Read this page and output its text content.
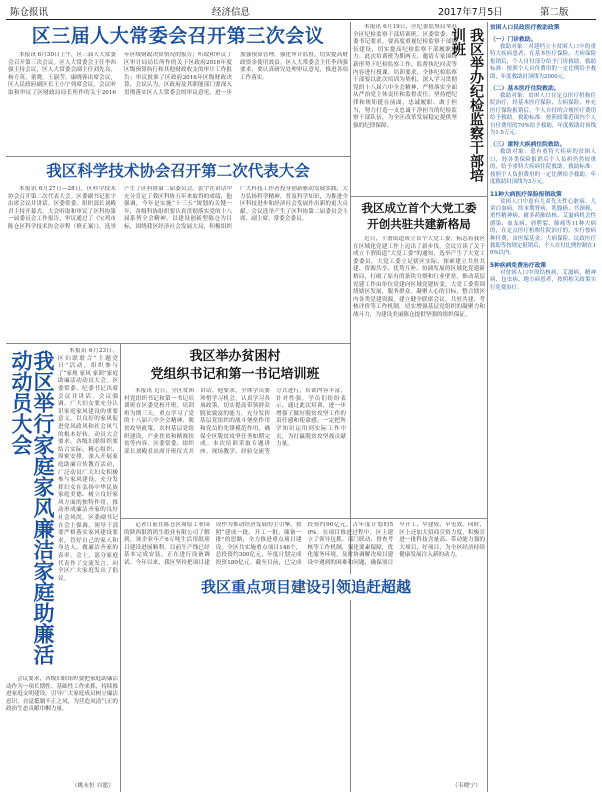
陈仓报讯	经济信息	2017年7月5日	第二版
区三届人大常委会召开第三次会议

本报讯 6月30日上午，区三届人大常委会召开第三次会议。区人大常委会主任李西强主持会议，区人大常委会副主任刘先良、杨方英、董晓、王淑莹、康晓蓉出席会议，区人民政府副区长王小宁列席会议。会议听取和审议了区财政局局长所作的关于2016年区级财政决算情况的报告；听取和审议了区审计局局长所作的关于区政府2016年度区级预算执行和其他财政收支的审计工作报告；审议批准了区政府2016年区级财政决算，会议认为，区政府及其职能部门要深入贯彻落实区人大常委会的审议意见，进一步加强预算管理，强化审计监督，切实提高财政资金使用效益。区人大常委会主任李西强要求，要认真研究处理审议意见，推进各项工作落实。

我区科学技术协会召开第二次代表大会

本报讯 6月27日—28日，区科学技术协会召开第二次代表大会。区委副书记张宇出席会议并讲话。区委常委、组织部长刘殿君主持开幕式。大会听取和审议了区科协第一届委员会工作报告，审议通过了《宝鸡市陈仓区科学技术协会章程（修正案）》，选举产生了区科协第二届委员会。张宇在讲话中充分肯定了我区科协五年来取得的成绩，他强调，今年是实施“十三五”规划的关键一年，各级科协组织要认真贯彻落实党的十八届系列全会精神，以建设创新型陈仓为目标，围绕我区经济社会发展大局，积极组织广大科技工作者投身创新驱动发展实践，大力弘扬科学精神，普及科学知识，为推进全区科技进步和经济社会发展作出新的更大贡献。会议选举产生了区科协第二届委员会主席、副主席、常委会委员。

我区举行家庭家风廉洁家庭助廉活动动员大会	本报讯 6月23日，区妇联联合“主题党日”活动，组织参与了“家规 家风 家训”家庭助廉活动动员大会。区委常委、纪委书记出席会议并讲话。会议强调，广大妇女要充分认识家庭家风建设的重要意义，以良好的家风促进党风政风和社会风气的根本好转。动员大会要求，各级妇联组织要结合实际，精心组织、周密安排，深入开展家庭助廉宣传教育活动，广泛动员广大妇女积极参与家风建设，充分发挥妇女在弘扬中华民族家庭美德、树立良好家风方面的独特作用，推动形成廉洁齐家的良好社会风尚。区委副书记在会上强调，领导干部要严格落实家风建设要求，管好自己的家人和身边人，做廉洁齐家的表率。会上，部分家庭代表作了交流发言，向全区广大家庭发出了倡议。

会议要求，各级妇联组织要把家庭助廉活动作为一项长期性、基础性工作来抓，持续推进家庭文明建设，引导广大家庭成员树立廉洁意识，自觉抵制不正之风，为营造风清气正的政治生态贡献巾帼力量。

（姚永恒 自愿）
我区举办贫困村
党组织书记和第一书记培训班

本报讯 近日，全区贫困村党组织书记和第一书记培训班在区委党校开班。培训班为期三天，重点学习了党的十八届六中全会精神、脱贫攻坚政策、农村基层党组织建设、产业扶贫和精准扶贫等内容。区委常委、组织部长刘殿君出席开班仪式并讲话。他要求，全体学员要珍惜学习机会，认真学习各项政策，切实提高带领群众脱贫致富的能力，充分发挥基层党组织的战斗堡垒作用和党员的先锋模范作用，确保全区脱贫攻坚任务如期完成。本次培训采取专题讲座、现场教学、经验交流等方式进行，培训内容丰富，针对性强。学员们纷纷表示，通过此次培训，进一步增强了做好脱贫攻坚工作的责任感和使命感，一定把所学知识运用到实际工作中去，为打赢脱贫攻坚战贡献力量。

本报讯 6月19日，区纪委监察局举办全区纪检监察干部培训班。区委常委、纪委书记要求，要高度重视纪检监察干部队伍建设，切实提高纪检监察干部履职能力。此次培训班为期两天，邀请专家围绕新形势下纪检监察工作、监督执纪问责等内容进行授课。培训要求，全体纪检监察干部要以此次培训为契机，深入学习贯彻党的十八届六中全会精神，严格落实全面从严治党主体责任和监督责任，坚持把纪律和规矩挺在前面，忠诚履职、敢于担当，努力打造一支忠诚干净担当的纪检监察干部队伍，为全区改革发展稳定提供坚强的纪律保障。	我区举办纪检监察干部培训班
我区成立首个大党工委
开创共驻共建新格局

近日，千渭街道成立首个大党工委，标志着我区在区域化党建工作上迈出了新步伐。会议宣读了关于成立千渭街道“大党工委”的通知，选举产生了大党工委委员。大党工委立足辖区实际，探索建立共驻共建、资源共享、优势互补、协调发展的区域化党建新格局，打破了原有的条块分割和行业壁垒，推动基层党建工作由单位党建向区域党建转变。大党工委将围绕辖区发展、服务群众、凝聚人心的目标，整合辖区内各类党建资源，建立健全联席会议、共驻共建、考核评价等工作机制，切实增强基层党组织的凝聚力和战斗力，为建设美丽陈仓提供坚强的组织保证。

记者日前在陈仓区周原工业园的陕西银鸽鸿生纸业有限公司了解到，该企业年产6万吨生活用纸项目建设进展顺利，目前生产线已经基本完成安装，正在进行设备调试。今年以来，我区坚持把项目建设作为推动经济发展的主引擎，按照“建成一批、开工一批、储备一批”的思路，全力推进重点项目建设。全区共实施重点项目146个，总投资约300亿元，年度计划完成投资180亿元。截至目前，已完成投资约90亿元，占年度计划的50%。在项目推进过程中，区上建立了领导包抓、部门联动、督查考核等工作机制，强化要素保障，优化服务环境，及时协调解决项目建设中遇到的困难和问题，确保项目早开工、早建成、早见效。同时，区上还加大招商引资力度，积极引进一批科技含量高、带动能力强的大项目、好项目，为全区经济持续健康发展注入新的动力。

我区重点项目建设引领追赶超越
（韦晓宁）
贫困人口民政医疗救助政策
（一）门诊救助。

救助对象：对建档立卡贫困人口中的重特大疾病患者，在基本医疗保险、大病保险报销后，个人自付部分给予门诊救助。救助标准：按照个人自付费用的一定比例给予救助，年度救助封顶线为2000元。

（二）基本医疗住院救助。

救助对象：贫困人口在定点医疗机构住院治疗，经基本医疗保险、大病保险、补充医疗保险报销后，个人自付的合规医疗费用给予救助。救助标准：按照政策范围内个人自付费用的70%给予救助，年度救助封顶线为1.5万元。

（三）重特大疾病住院救助。

救助对象：患有重特大疾病的贫困人口，经各类保险报销后个人负担仍然较重的，给予重特大疾病住院救助。救助标准：按照个人负担费用的一定比例给予救助，年度救助封顶线为3万元。

11种大病医疗保险报销政策

贫困人口中患有儿童先天性心脏病、儿童白血病、终末期肾病、乳腺癌、宫颈癌、重性精神病、耐多药肺结核、艾滋病机会性感染、血友病、唇腭裂、肺癌等11种大病的，在定点医疗机构住院治疗的，实行按病种付费，由医保基金、大病保险、民政医疗救助等按规定报销后，个人自付比例控制在10%以内。

5种疾病免费治疗政策

对贫困人口中的结核病、艾滋病、精神病、包虫病、地方病患者，按照相关政策实行免费治疗。
